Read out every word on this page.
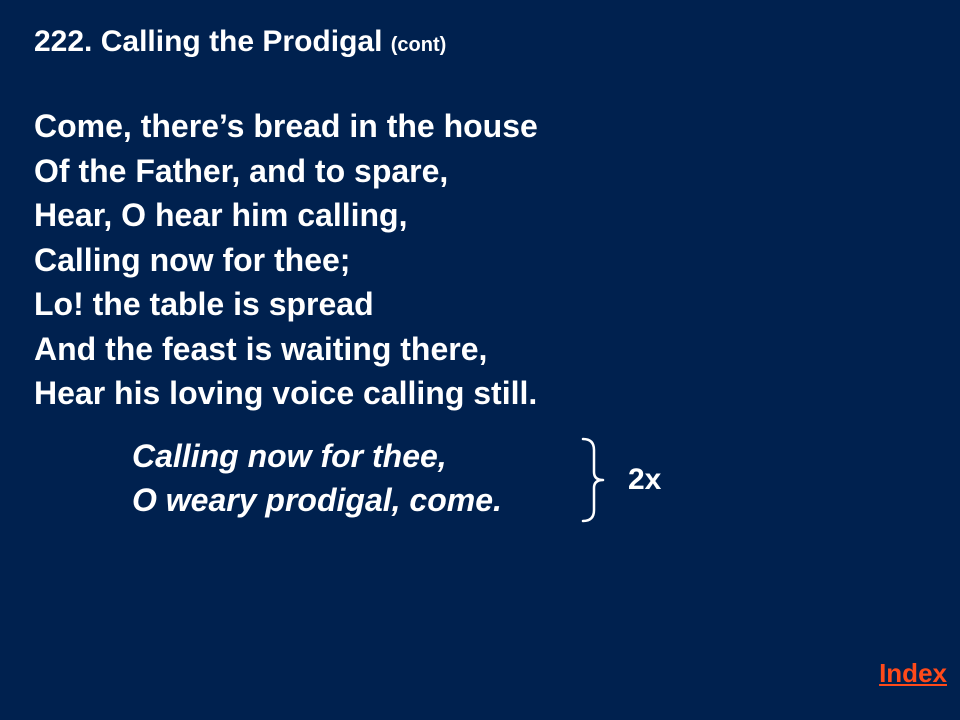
222. Calling the Prodigal (cont)
Come, there’s bread in the house
Of the Father, and to spare,
Hear, O hear him calling,
Calling now for thee;
Lo! the table is spread
And the feast is waiting there,
Hear his loving voice calling still.
Calling now for thee,
O weary prodigal, come.
2x
Index
